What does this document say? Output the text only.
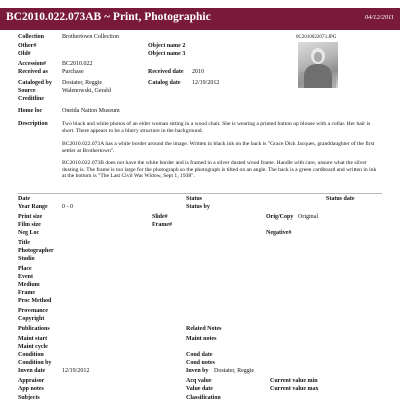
BC2010.022.073AB ~ Print, Photographic	04/12/2011
Collection	Brothertown Collection	0C2010022073.JPG
Other#	Object name 2
Old#	Object name 3
Accession#	BC2010.022
Received as Purchase	Received date 2010
Cataloged by Dostater, Reggie	Catalog date 12/19/2012
Source	Walenowski, Gerald
Creditline
Home loc	Oneida Nation Museum
Description	Two black and white photos of an elder woman sitting in a wood chair. She is wearing a printed button up blouse with a collar. Her hair is short. There appears to be a blurry structure in the background.

BC2010.022.073A has a white border around the image. Written in black ink on the back is "Grace Dick Jacques, granddaughter of the first settler at Brothertown".

BC2010.022.073B does not have the white border and is framed in a silver dusted wood frame. Handle with care, unsure what the silver dusting is. The frame is too large for the photograph so the photograph is tilted on an angle. The back is a green cardboard and written in ink at the bottom is "The Last Civil War Widow, Sept 1, 1938".

Date	Status	Status date
Year Range 0 - 0	Status by
Print size	Slide#	Orig/Copy Original
Film size	Frame#
Neg Loc	Negative#
Title
Photographer
Studio
Place
Event
Medium
Frame
Proc Method
Provenance
Copyright
Publications	Related Notes
Maint start	Maint notes
Maint cycle
Condition	Cond date
Condition by	Cond notes
Inven date	12/19/2012	Inven by Dostater, Reggie
Appraisor	Acq value	Current value min
App notes	Value date	Current value max
Subjects	Classification
